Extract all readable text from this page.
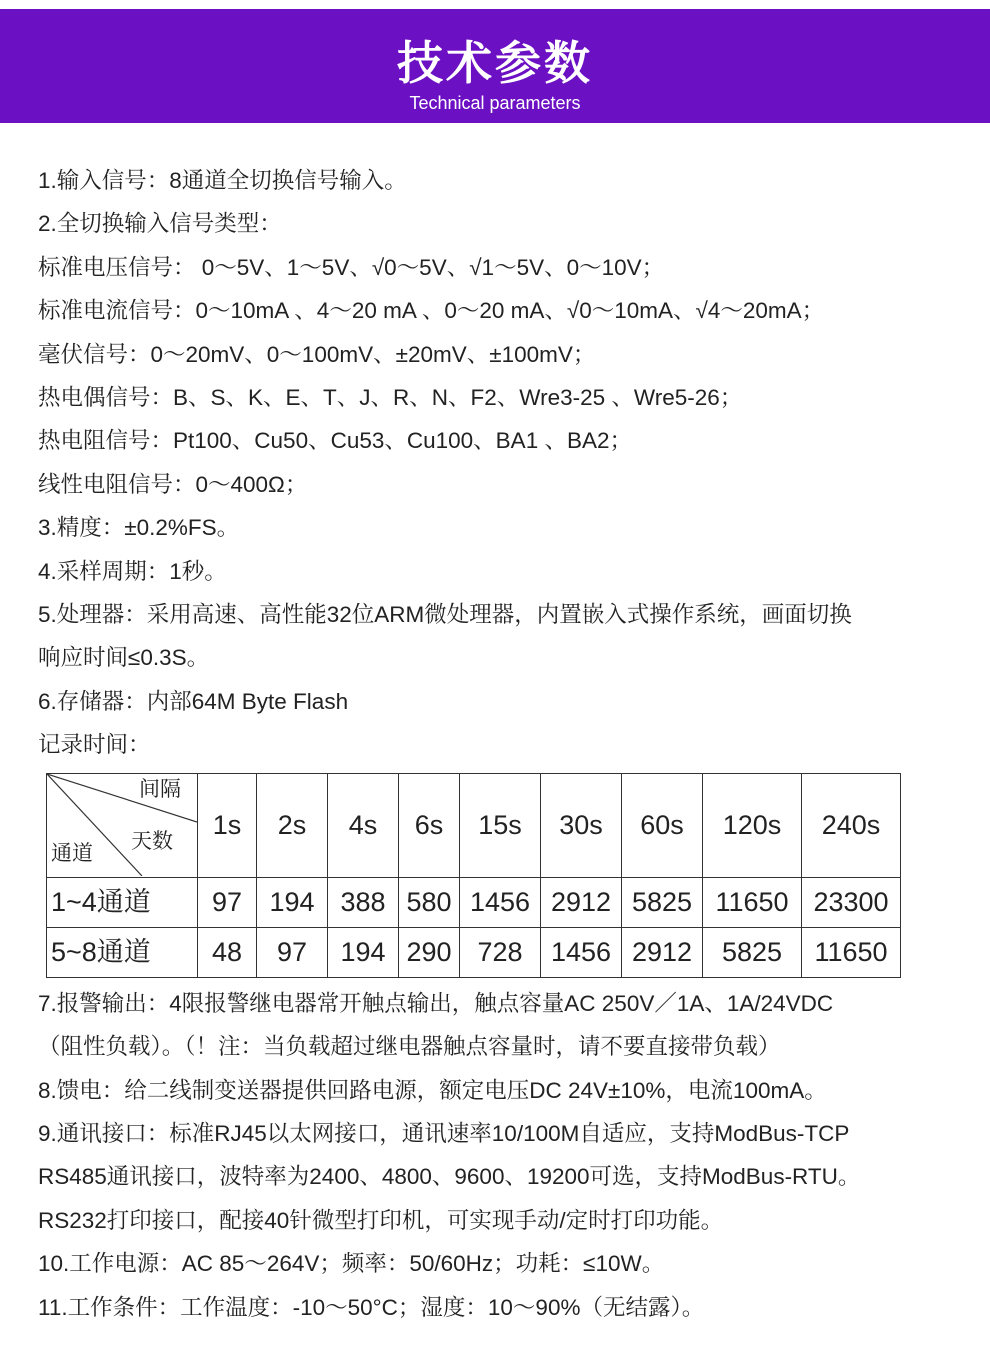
技术参数
Technical parameters
1.输入信号：8通道全切换信号输入。
2.全切换输入信号类型：
标准电压信号： 0～5V、1～5V、√0～5V、√1～5V、0～10V；
标准电流信号：0～10mA 、4～20 mA 、0～20 mA、√0～10mA、√4～20mA；
毫伏信号：0～20mV、0～100mV、±20mV、±100mV；
热电偶信号：B、S、K、E、T、J、R、N、F2、Wre3-25 、Wre5-26；
热电阻信号：Pt100、Cu50、Cu53、Cu100、BA1 、BA2；
线性电阻信号：0～400Ω；
3.精度：±0.2%FS。
4.采样周期：1秒。
5.处理器：采用高速、高性能32位ARM微处理器，内置嵌入式操作系统，画面切换
响应时间≤0.3S。
6.存储器：内部64M Byte Flash
记录时间：
间隔
天数
通道	1s	2s	4s	6s	15s	30s	60s	120s	240s
1~4通道	97	194	388	580	1456	2912	5825	11650	23300
5~8通道	48	97	194	290	728	1456	2912	5825	11650
7.报警输出：4限报警继电器常开触点输出，触点容量AC 250V／1A、1A/24VDC
（阻性负载）。（！注：当负载超过继电器触点容量时，请不要直接带负载）
8.馈电：给二线制变送器提供回路电源，额定电压DC 24V±10%，电流100mA。
9.通讯接口：标准RJ45以太网接口，通讯速率10/100M自适应，支持ModBus-TCP
RS485通讯接口，波特率为2400、4800、9600、19200可选，支持ModBus-RTU。
RS232打印接口，配接40针微型打印机，可实现手动/定时打印功能。
10.工作电源：AC 85～264V；频率：50/60Hz；功耗：≤10W。
11.工作条件：工作温度：-10～50°C；湿度：10～90%（无结露）。
